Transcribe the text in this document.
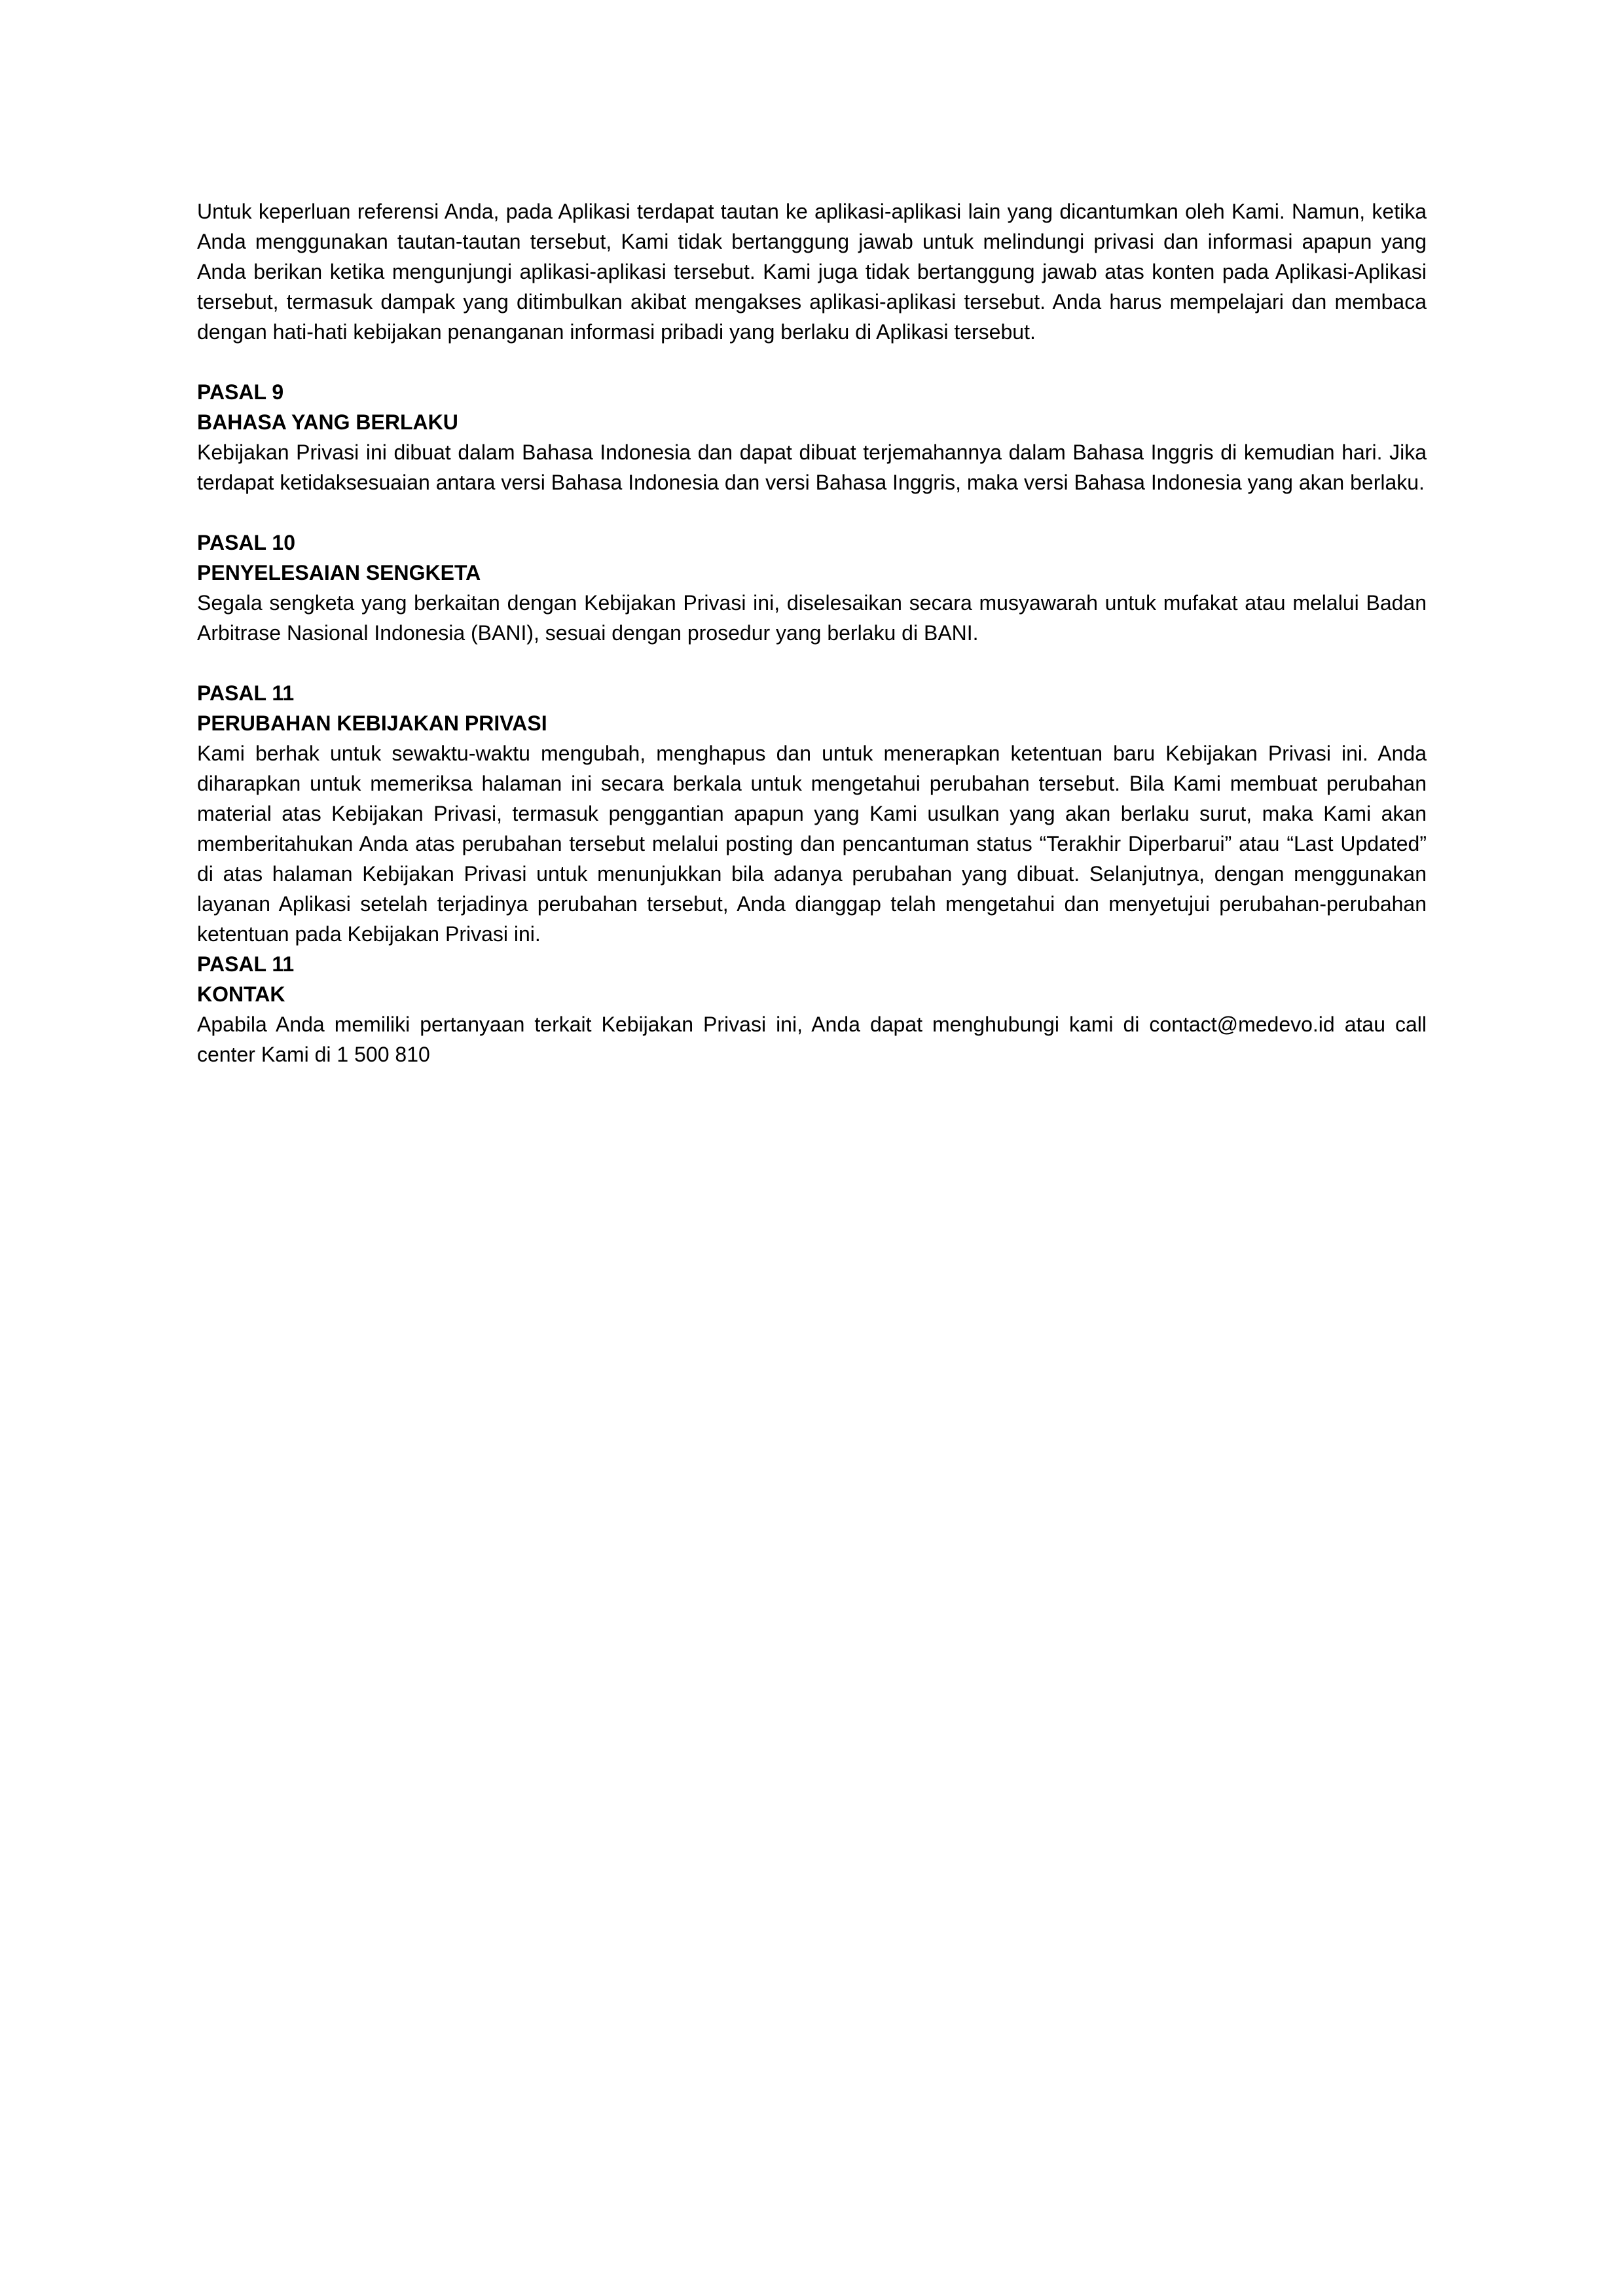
Untuk keperluan referensi Anda, pada Aplikasi terdapat tautan ke aplikasi-aplikasi lain yang dicantumkan oleh Kami. Namun, ketika Anda menggunakan tautan-tautan tersebut, Kami tidak bertanggung jawab untuk melindungi privasi dan informasi apapun yang Anda berikan ketika mengunjungi aplikasi-aplikasi tersebut. Kami juga tidak bertanggung jawab atas konten pada Aplikasi-Aplikasi tersebut, termasuk dampak yang ditimbulkan akibat mengakses aplikasi-aplikasi tersebut. Anda harus mempelajari dan membaca dengan hati-hati kebijakan penanganan informasi pribadi yang berlaku di Aplikasi tersebut.

PASAL 9

BAHASA YANG BERLAKU

Kebijakan Privasi ini dibuat dalam Bahasa Indonesia dan dapat dibuat terjemahannya dalam Bahasa Inggris di kemudian hari. Jika terdapat ketidaksesuaian antara versi Bahasa Indonesia dan versi Bahasa Inggris, maka versi Bahasa Indonesia yang akan berlaku.

PASAL 10

PENYELESAIAN SENGKETA

Segala sengketa yang berkaitan dengan Kebijakan Privasi ini, diselesaikan secara musyawarah untuk mufakat atau melalui Badan Arbitrase Nasional Indonesia (BANI), sesuai dengan prosedur yang berlaku di BANI.

PASAL 11

PERUBAHAN KEBIJAKAN PRIVASI

Kami berhak untuk sewaktu-waktu mengubah, menghapus dan untuk menerapkan ketentuan baru Kebijakan Privasi ini. Anda diharapkan untuk memeriksa halaman ini secara berkala untuk mengetahui perubahan tersebut. Bila Kami membuat perubahan material atas Kebijakan Privasi, termasuk penggantian apapun yang Kami usulkan yang akan berlaku surut, maka Kami akan memberitahukan Anda atas perubahan tersebut melalui posting dan pencantuman status “Terakhir Diperbarui” atau “Last Updated” di atas halaman Kebijakan Privasi untuk menunjukkan bila adanya perubahan yang dibuat. Selanjutnya, dengan menggunakan layanan Aplikasi setelah terjadinya perubahan tersebut, Anda dianggap telah mengetahui dan menyetujui perubahan-perubahan ketentuan pada Kebijakan Privasi ini.

PASAL 11

KONTAK

Apabila Anda memiliki pertanyaan terkait Kebijakan Privasi ini, Anda dapat menghubungi kami di contact@medevo.id atau call center Kami di 1 500 810
